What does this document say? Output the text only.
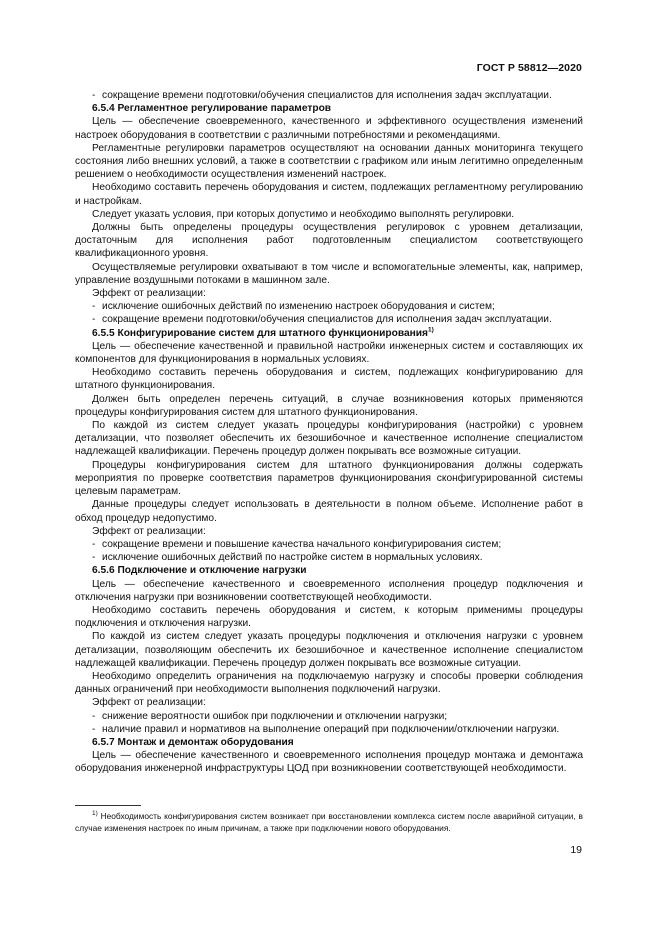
ГОСТ Р 58812—2020

- сокращение времени подготовки/обучения специалистов для исполнения задач эксплуатации.

6.5.4 Регламентное регулирование параметров

Цель — обеспечение своевременного, качественного и эффективного осуществления изменений настроек оборудования в соответствии с различными потребностями и рекомендациями.

Регламентные регулировки параметров осуществляют на основании данных мониторинга текущего состояния либо внешних условий, а также в соответствии с графиком или иным легитимно определенным решением о необходимости осуществления изменений настроек.

Необходимо составить перечень оборудования и систем, подлежащих регламентному регулированию и настройкам.

Следует указать условия, при которых допустимо и необходимо выполнять регулировки.

Должны быть определены процедуры осуществления регулировок с уровнем детализации, достаточным для исполнения работ подготовленным специалистом соответствующего квалификационного уровня.

Осуществляемые регулировки охватывают в том числе и вспомогательные элементы, как, например, управление воздушными потоками в машинном зале.

Эффект от реализации:

- исключение ошибочных действий по изменению настроек оборудования и систем;

- сокращение времени подготовки/обучения специалистов для исполнения задач эксплуатации.

6.5.5 Конфигурирование систем для штатного функционирования$^{1)}$

Цель — обеспечение качественной и правильной настройки инженерных систем и составляющих их компонентов для функционирования в нормальных условиях.

Необходимо составить перечень оборудования и систем, подлежащих конфигурированию для штатного функционирования.

Должен быть определен перечень ситуаций, в случае возникновения которых применяются процедуры конфигурирования систем для штатного функционирования.

По каждой из систем следует указать процедуры конфигурирования (настройки) с уровнем детализации, что позволяет обеспечить их безошибочное и качественное исполнение специалистом надлежащей квалификации. Перечень процедур должен покрывать все возможные ситуации.

Процедуры конфигурирования систем для штатного функционирования должны содержать мероприятия по проверке соответствия параметров функционирования сконфигурированной системы целевым параметрам.

Данные процедуры следует использовать в деятельности в полном объеме. Исполнение работ в обход процедур недопустимо.

Эффект от реализации:

- сокращение времени и повышение качества начального конфигурирования систем;

- исключение ошибочных действий по настройке систем в нормальных условиях.

6.5.6 Подключение и отключение нагрузки

Цель — обеспечение качественного и своевременного исполнения процедур подключения и отключения нагрузки при возникновении соответствующей необходимости.

Необходимо составить перечень оборудования и систем, к которым применимы процедуры подключения и отключения нагрузки.

По каждой из систем следует указать процедуры подключения и отключения нагрузки с уровнем детализации, позволяющим обеспечить их безошибочное и качественное исполнение специалистом надлежащей квалификации. Перечень процедур должен покрывать все возможные ситуации.

Необходимо определить ограничения на подключаемую нагрузку и способы проверки соблюдения данных ограничений при необходимости выполнения подключений нагрузки.

Эффект от реализации:

- снижение вероятности ошибок при подключении и отключении нагрузки;

- наличие правил и нормативов на выполнение операций при подключении/отключении нагрузки.

6.5.7 Монтаж и демонтаж оборудования

Цель — обеспечение качественного и своевременного исполнения процедур монтажа и демонтажа оборудования инженерной инфраструктуры ЦОД при возникновении соответствующей необходимости.

$^{1)}$ Необходимость конфигурирования систем возникает при восстановлении комплекса систем после аварийной ситуации, в случае изменения настроек по иным причинам, а также при подключении нового оборудования.

19
